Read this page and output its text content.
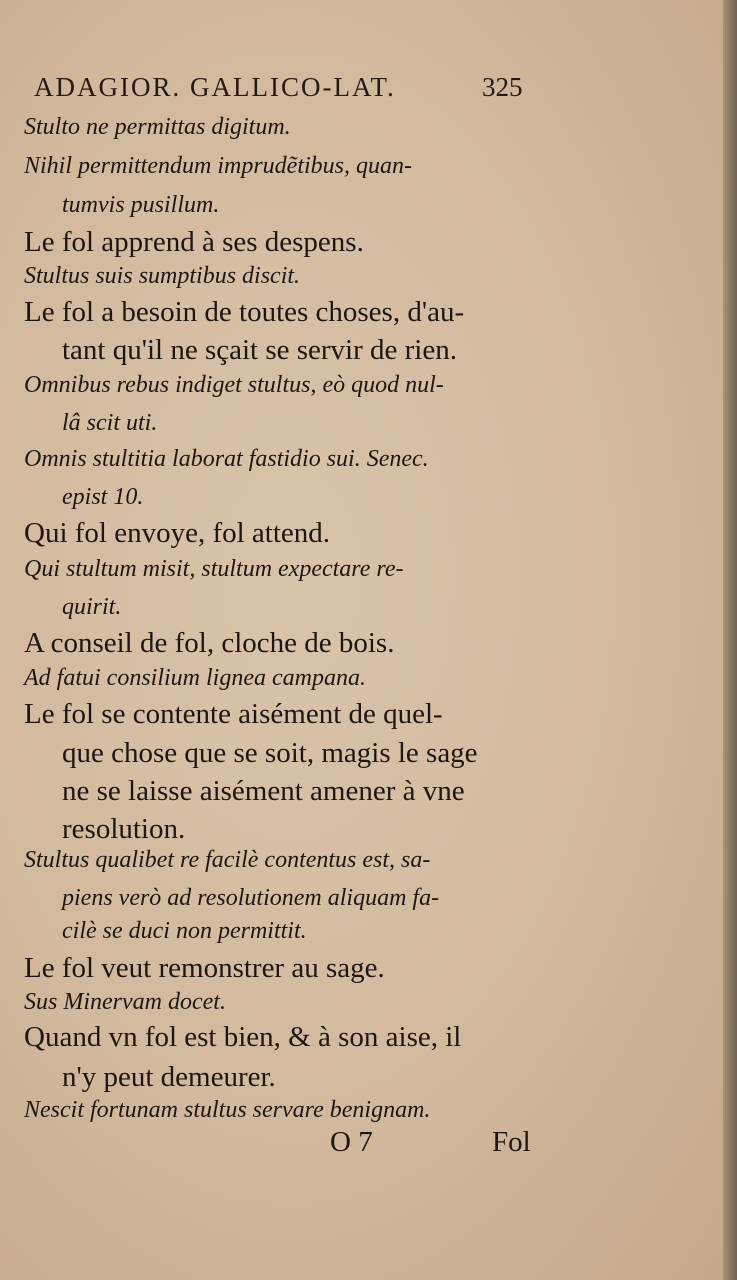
ADAGIOR. GALLICO-LAT.	325
Stulto ne permittas digitum.
Nihil permittendum imprudẽtibus, quan-
tumvis pusillum.
Le fol apprend à ses despens.
Stultus suis sumptibus discit.
Le fol a besoin de toutes choses, d'au-
tant qu'il ne sçait se servir de rien.
Omnibus rebus indiget stultus, eò quod nul-
lâ scit uti.
Omnis stultitia laborat fastidio sui. Senec.
epist 10.
Qui fol envoye, fol attend.
Qui stultum misit, stultum expectare re-
quirit.
A conseil de fol, cloche de bois.
Ad fatui consilium lignea campana.
Le fol se contente aisément de quel-
que chose que se soit, magis le sage
ne se laisse aisément amener à vne
resolution.
Stultus qualibet re facilè contentus est, sa-
piens verò ad resolutionem aliquam fa-
cilè se duci non permittit.
Le fol veut remonstrer au sage.
Sus Minervam docet.
Quand vn fol est bien, & à son aise, il
n'y peut demeurer.
Nescit fortunam stultus servare benignam.
O 7	Fol
